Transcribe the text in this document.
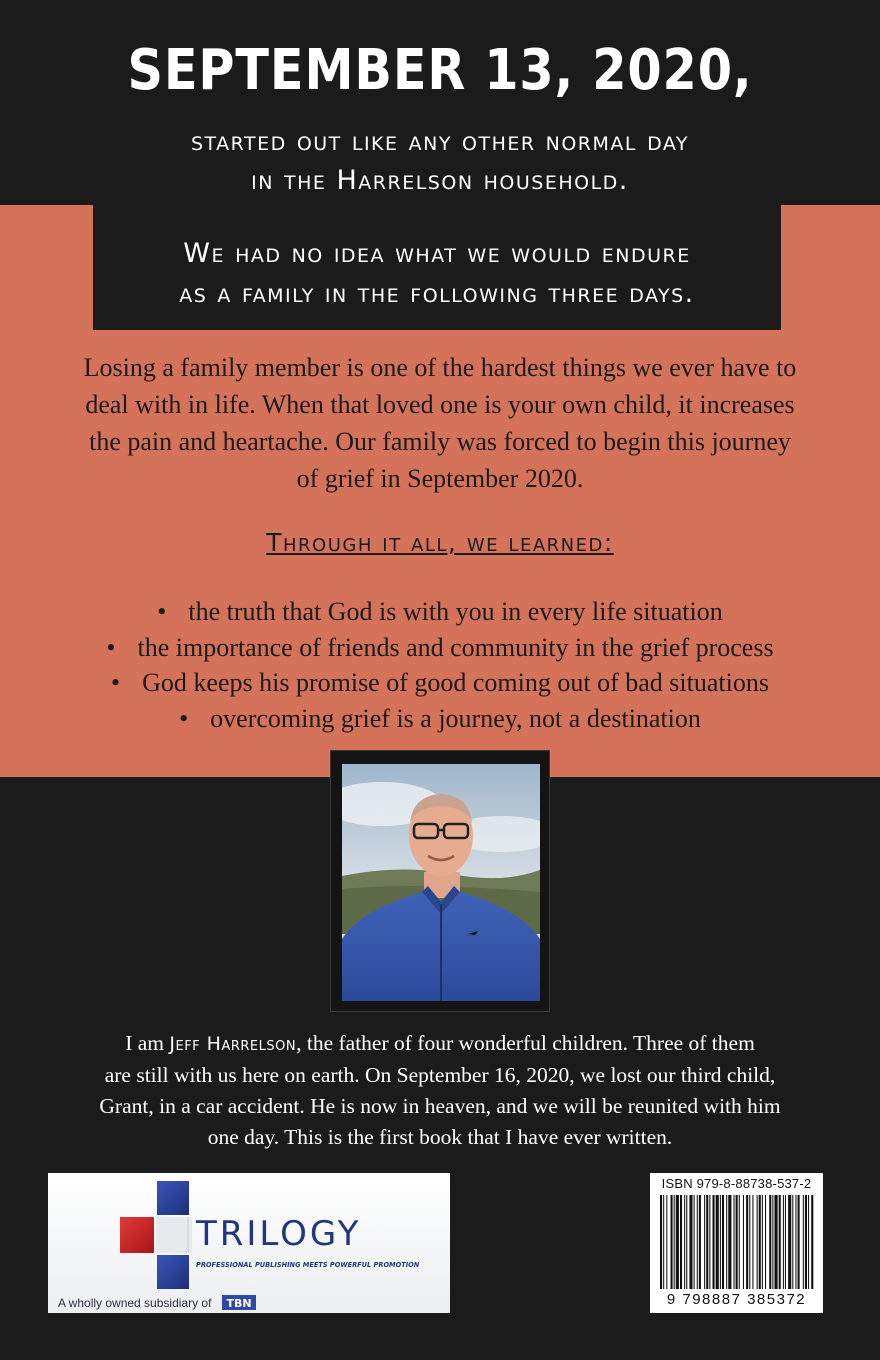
SEPTEMBER 13, 2020,
started out like any other normal day
in the Harrelson household.
We had no idea what we would endure
as a family in the following three days.
Losing a family member is one of the hardest things we ever have to
deal with in life. When that loved one is your own child, it increases
the pain and heartache. Our family was forced to begin this journey
of grief in September 2020.
Through it all, we learned:
• the truth that God is with you in every life situation
• the importance of friends and community in the grief process
• God keeps his promise of good coming out of bad situations
• overcoming grief is a journey, not a destination
I am Jeff Harrelson, the father of four wonderful children. Three of them
are still with us here on earth. On September 16, 2020, we lost our third child,
Grant, in a car accident. He is now in heaven, and we will be reunited with him
one day. This is the first book that I have ever written.
TRILOGY
PROFESSIONAL PUBLISHING MEETS POWERFUL PROMOTION
A wholly owned subsidiary of TBN
ISBN 979-8-88738-537-2
9 798887 385372
